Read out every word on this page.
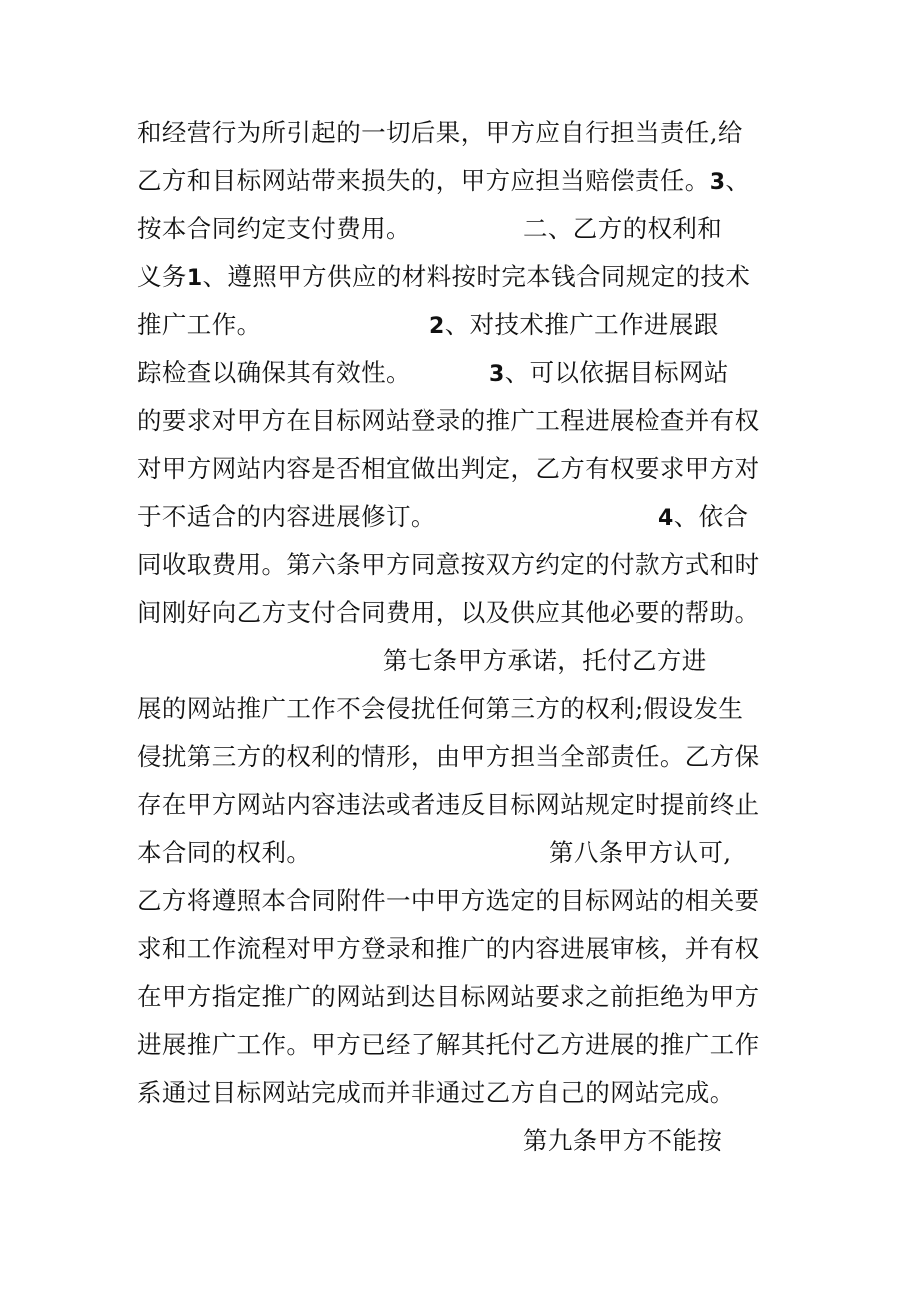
和经营行为所引起的一切后果，甲方应自行担当责任,给
乙方和目标网站带来损失的，甲方应担当赔偿责任。3、
按本合同约定支付费用。	二、乙方的权利和
义务1、遵照甲方供应的材料按时完本钱合同规定的技术
推广工作。	2、对技术推广工作进展跟
踪检查以确保其有效性。	3、可以依据目标网站
的要求对甲方在目标网站登录的推广工程进展检查并有权
对甲方网站内容是否相宜做出判定，乙方有权要求甲方对
于不适合的内容进展修订。	4、依合
同收取费用。第六条甲方同意按双方约定的付款方式和时
间刚好向乙方支付合同费用，以及供应其他必要的帮助。
第七条甲方承诺，托付乙方进
展的网站推广工作不会侵扰任何第三方的权利;假设发生
侵扰第三方的权利的情形，由甲方担当全部责任。乙方保
存在甲方网站内容违法或者违反目标网站规定时提前终止
本合同的权利。	第八条甲方认可,
乙方将遵照本合同附件一中甲方选定的目标网站的相关要
求和工作流程对甲方登录和推广的内容进展审核，并有权
在甲方指定推广的网站到达目标网站要求之前拒绝为甲方
进展推广工作。甲方已经了解其托付乙方进展的推广工作
系通过目标网站完成而并非通过乙方自己的网站完成。
第九条甲方不能按
